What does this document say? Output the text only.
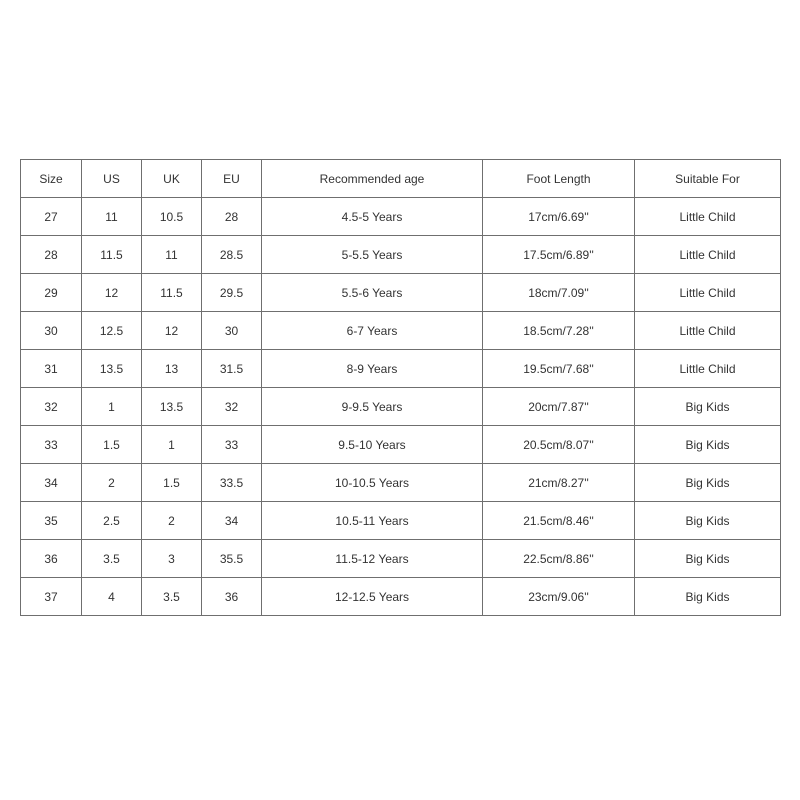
Size	US	UK	EU	Recommended age	Foot Length	Suitable For
27	11	10.5	28	4.5-5 Years	17cm/6.69''	Little Child
28	11.5	11	28.5	5-5.5 Years	17.5cm/6.89''	Little Child
29	12	11.5	29.5	5.5-6 Years	18cm/7.09''	Little Child
30	12.5	12	30	6-7 Years	18.5cm/7.28''	Little Child
31	13.5	13	31.5	8-9 Years	19.5cm/7.68''	Little Child
32	1	13.5	32	9-9.5 Years	20cm/7.87''	Big Kids
33	1.5	1	33	9.5-10 Years	20.5cm/8.07''	Big Kids
34	2	1.5	33.5	10-10.5 Years	21cm/8.27''	Big Kids
35	2.5	2	34	10.5-11 Years	21.5cm/8.46''	Big Kids
36	3.5	3	35.5	11.5-12 Years	22.5cm/8.86''	Big Kids
37	4	3.5	36	12-12.5 Years	23cm/9.06''	Big Kids
